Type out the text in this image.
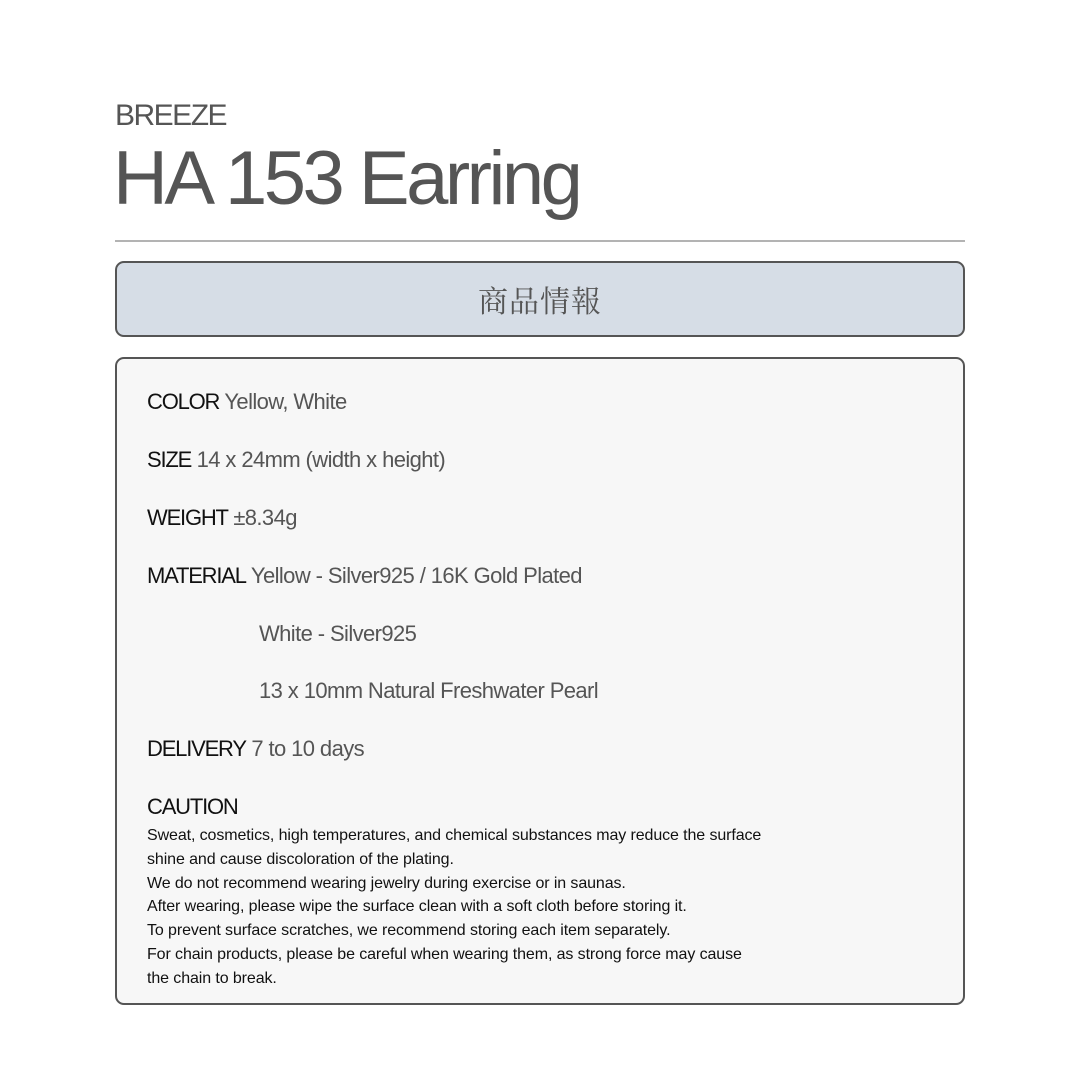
BREEZE
HA 153 Earring
商品情報
COLOR Yellow, White
SIZE 14 x 24mm (width x height)
WEIGHT ±8.34g
MATERIAL Yellow - Silver925 / 16K Gold Plated
White - Silver925
13 x 10mm Natural Freshwater Pearl
DELIVERY 7 to 10 days
CAUTION
Sweat, cosmetics, high temperatures, and chemical substances may reduce the surface
shine and cause discoloration of the plating.
We do not recommend wearing jewelry during exercise or in saunas.
After wearing, please wipe the surface clean with a soft cloth before storing it.
To prevent surface scratches, we recommend storing each item separately.
For chain products, please be careful when wearing them, as strong force may cause
the chain to break.
